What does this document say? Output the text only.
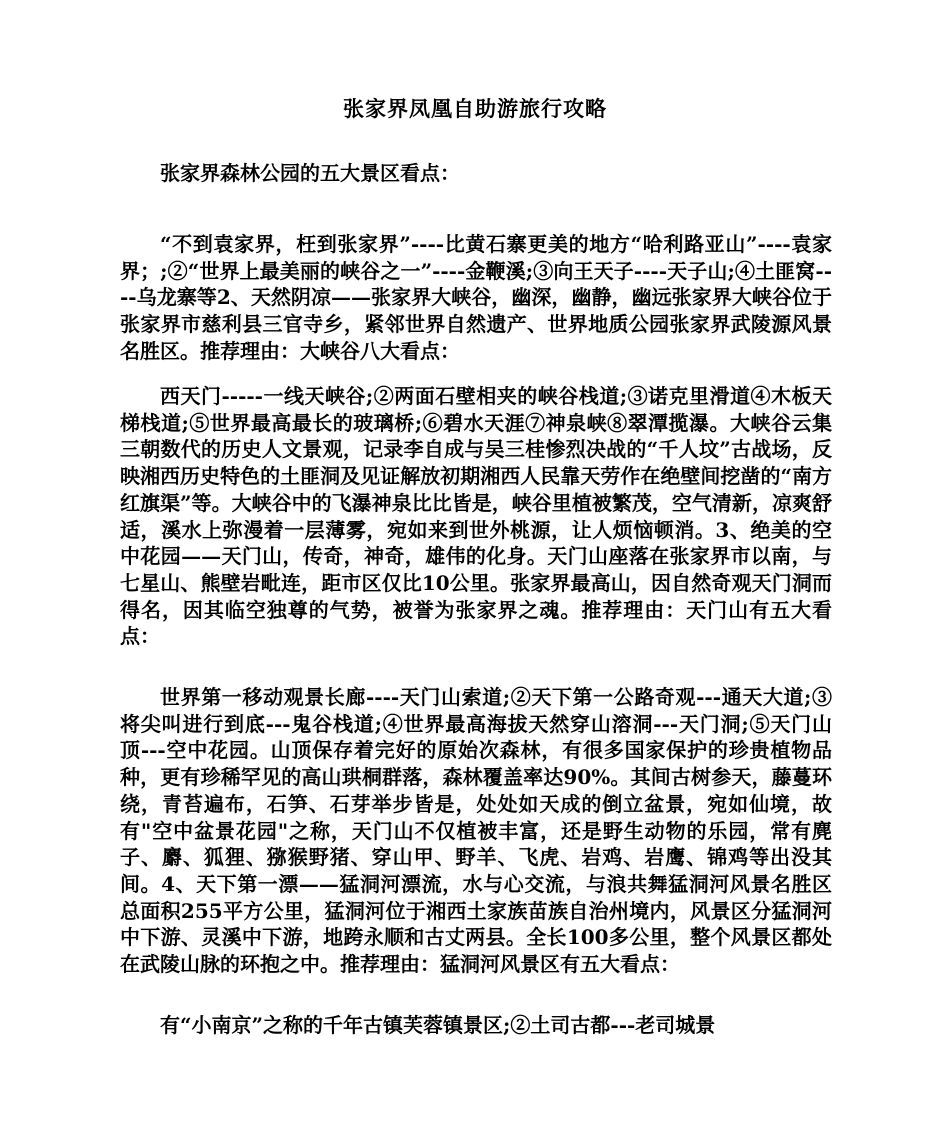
张家界凤凰自助游旅行攻略

张家界森林公园的五大景区看点：

“不到袁家界，枉到张家界”----比黄石寨更美的地方“哈利路亚山”----袁家界；;②“世界上最美丽的峡谷之一”----金鞭溪;③向王天子----天子山;④土匪窝----乌龙寨等2、天然阴凉——张家界大峡谷，幽深，幽静，幽远张家界大峡谷位于张家界市慈利县三官寺乡，紧邻世界自然遗产、世界地质公园张家界武陵源风景名胜区。推荐理由：大峡谷八大看点：

西天门-----一线天峡谷;②两面石壁相夹的峡谷栈道;③诺克里滑道④木板天梯栈道;⑤世界最高最长的玻璃桥;⑥碧水天涯⑦神泉峡⑧翠潭揽瀑。大峡谷云集三朝数代的历史人文景观，记录李自成与吴三桂惨烈决战的“千人坟”古战场，反映湘西历史特色的土匪洞及见证解放初期湘西人民靠天劳作在绝壁间挖凿的“南方红旗渠”等。大峡谷中的飞瀑神泉比比皆是，峡谷里植被繁茂，空气清新，凉爽舒适，溪水上弥漫着一层薄雾，宛如来到世外桃源，让人烦恼顿消。3、绝美的空中花园——天门山，传奇，神奇，雄伟的化身。天门山座落在张家界市以南，与七星山、熊壁岩毗连，距市区仅比10公里。张家界最高山，因自然奇观天门洞而得名，因其临空独尊的气势，被誉为张家界之魂。推荐理由：天门山有五大看点：

世界第一移动观景长廊----天门山索道;②天下第一公路奇观---通天大道;③将尖叫进行到底---鬼谷栈道;④世界最高海拔天然穿山溶洞---天门洞;⑤天门山顶---空中花园。山顶保存着完好的原始次森林，有很多国家保护的珍贵植物品种，更有珍稀罕见的高山珙桐群落，森林覆盖率达90%。其间古树参天，藤蔓环绕，青苔遍布，石笋、石芽举步皆是，处处如天成的倒立盆景，宛如仙境，故有"空中盆景花园"之称，天门山不仅植被丰富，还是野生动物的乐园，常有麂子、麝、狐狸、猕猴野猪、穿山甲、野羊、飞虎、岩鸡、岩鹰、锦鸡等出没其间。4、天下第一漂——猛洞河漂流，水与心交流，与浪共舞猛洞河风景名胜区总面积255平方公里，猛洞河位于湘西土家族苗族自治州境内，风景区分猛洞河中下游、灵溪中下游，地跨永顺和古丈两县。全长100多公里，整个风景区都处在武陵山脉的环抱之中。推荐理由：猛洞河风景区有五大看点：

有“小南京”之称的千年古镇芙蓉镇景区;②土司古都---老司城景
